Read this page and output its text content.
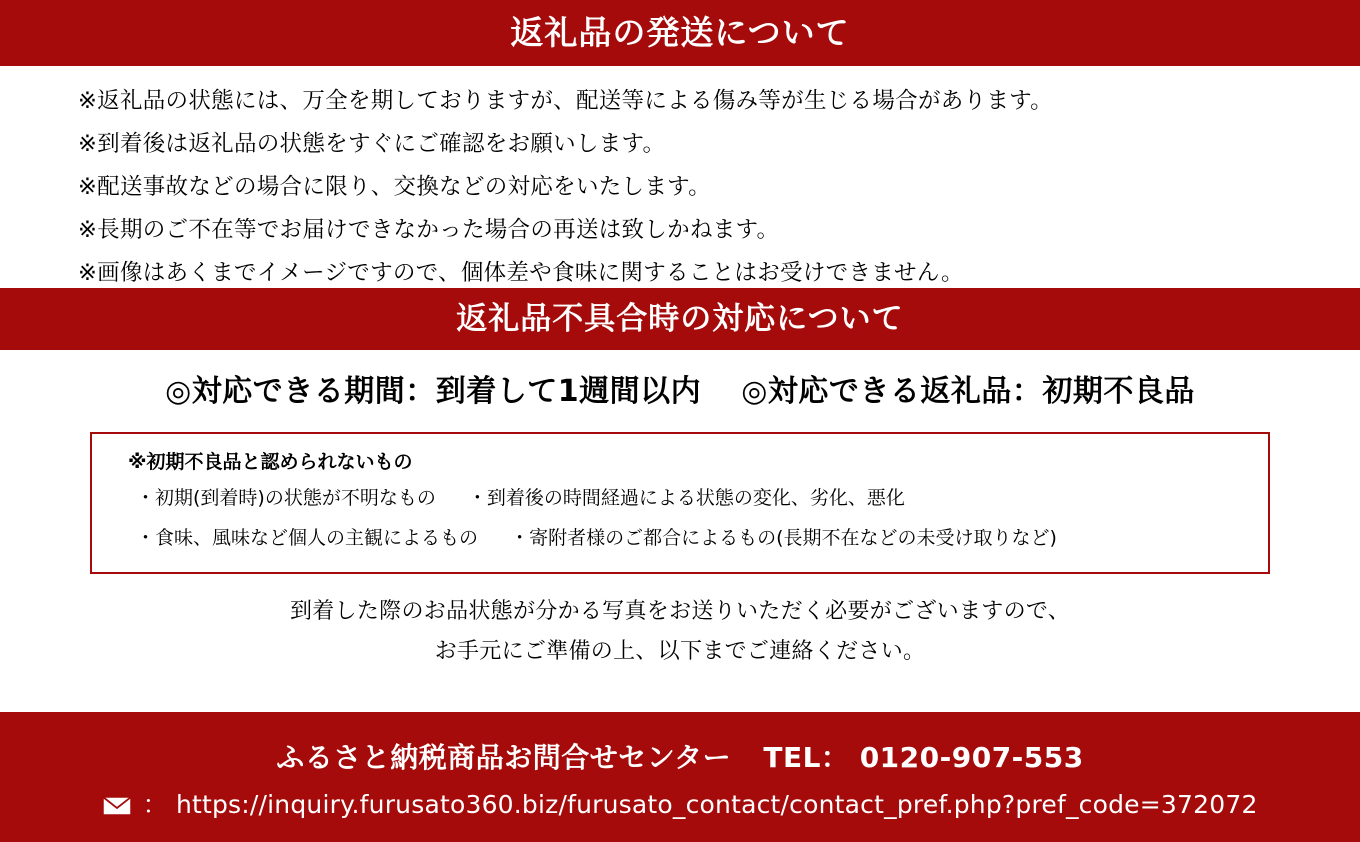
返礼品の発送について
※返礼品の状態には、万全を期しておりますが、配送等による傷み等が生じる場合があります。
※到着後は返礼品の状態をすぐにご確認をお願いします。
※配送事故などの場合に限り、交換などの対応をいたします。
※長期のご不在等でお届けできなかった場合の再送は致しかねます。
※画像はあくまでイメージですので、個体差や食味に関することはお受けできません。
返礼品不具合時の対応について
◎対応できる期間：到着して1週間以内 ◎対応できる返礼品：初期不良品
※初期不良品と認められないもの
・初期(到着時)の状態が不明なもの ・到着後の時間経過による状態の変化、劣化、悪化
・食味、風味など個人の主観によるもの ・寄附者様のご都合によるもの(長期不在などの未受け取りなど)
到着した際のお品状態が分かる写真をお送りいただく必要がございますので、
お手元にご準備の上、以下までご連絡ください。
ふるさと納税商品お問合せセンター TEL： 0120-907-553
： https://inquiry.furusato360.biz/furusato_contact/contact_pref.php?pref_code=372072
